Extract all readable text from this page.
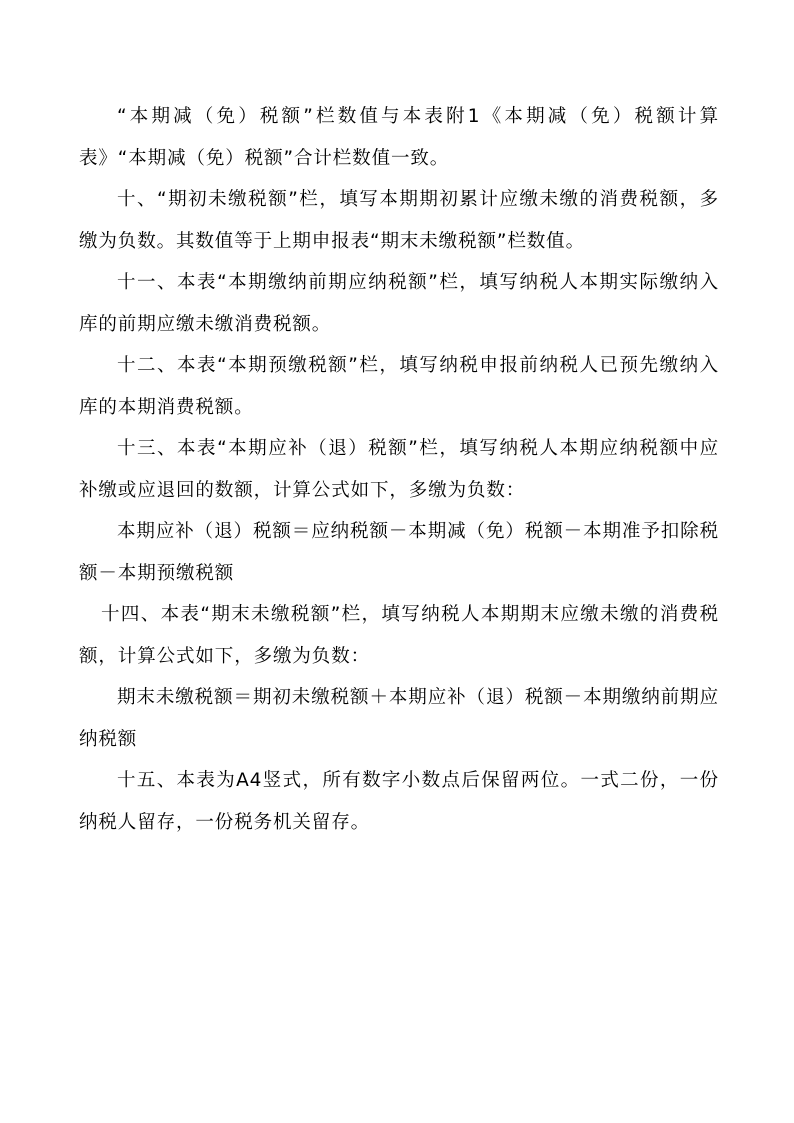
“本期减（免）税额”栏数值与本表附1《本期减（免）税额计算表》“本期减（免）税额”合计栏数值一致。

十、“期初未缴税额”栏，填写本期期初累计应缴未缴的消费税额，多缴为负数。其数值等于上期申报表“期末未缴税额”栏数值。

十一、本表“本期缴纳前期应纳税额”栏，填写纳税人本期实际缴纳入库的前期应缴未缴消费税额。

十二、本表“本期预缴税额”栏，填写纳税申报前纳税人已预先缴纳入库的本期消费税额。

十三、本表“本期应补（退）税额”栏，填写纳税人本期应纳税额中应补缴或应退回的数额，计算公式如下，多缴为负数：

本期应补（退）税额＝应纳税额－本期减（免）税额－本期准予扣除税额－本期预缴税额

十四、本表“期末未缴税额”栏，填写纳税人本期期末应缴未缴的消费税额，计算公式如下，多缴为负数：

期末未缴税额＝期初未缴税额＋本期应补（退）税额－本期缴纳前期应纳税额

十五、本表为A4竖式，所有数字小数点后保留两位。一式二份，一份纳税人留存，一份税务机关留存。
